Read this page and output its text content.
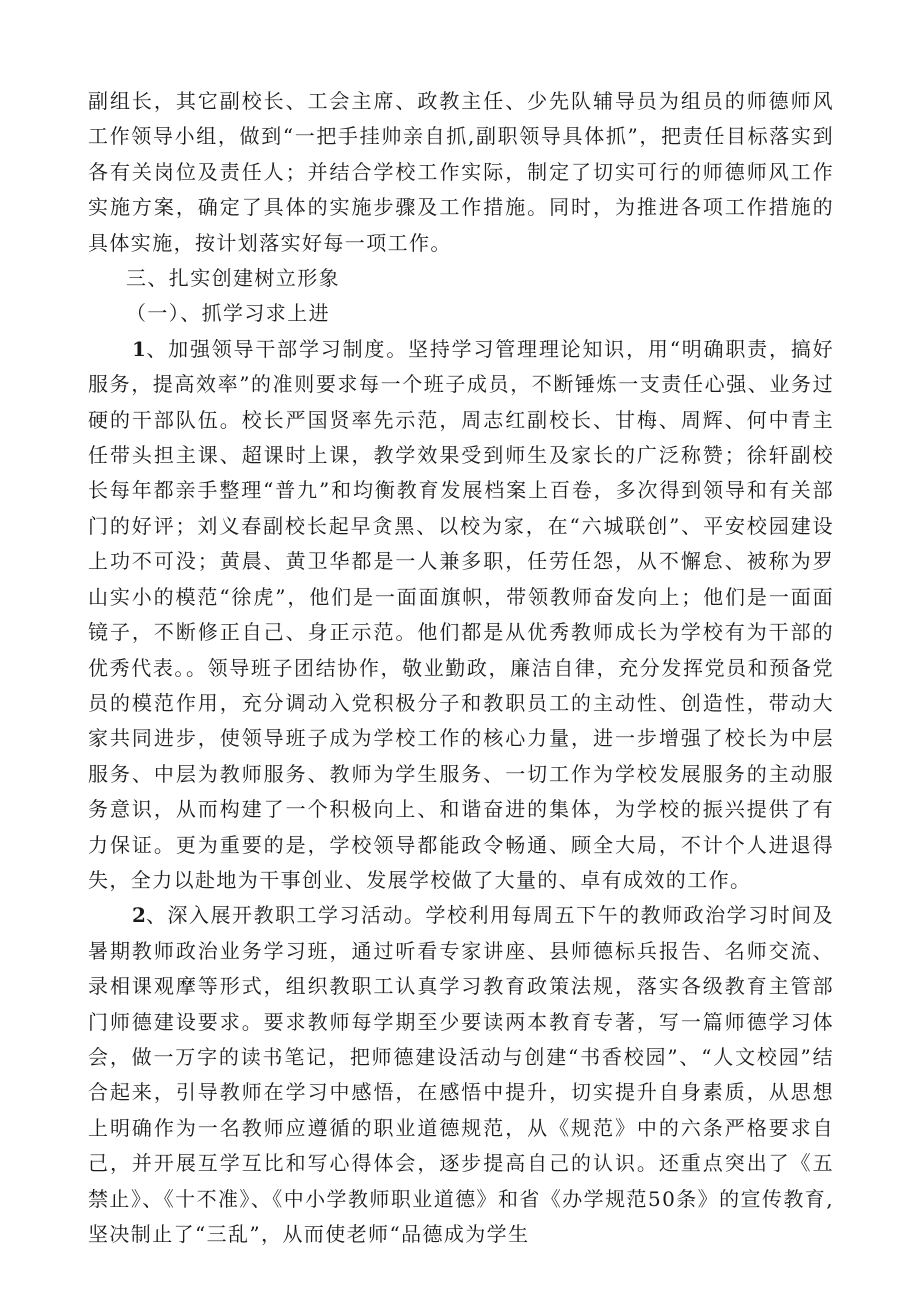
副组长，其它副校长、工会主席、政教主任、少先队辅导员为组员的师德师风工作领导小组，做到“一把手挂帅亲自抓,副职领导具体抓”，把责任目标落实到各有关岗位及责任人；并结合学校工作实际，制定了切实可行的师德师风工作实施方案，确定了具体的实施步骤及工作措施。同时，为推进各项工作措施的具体实施，按计划落实好每一项工作。

三、扎实创建树立形象

（一）、抓学习求上进

1、加强领导干部学习制度。坚持学习管理理论知识，用“明确职责，搞好服务，提高效率”的准则要求每一个班子成员，不断锤炼一支责任心强、业务过硬的干部队伍。校长严国贤率先示范，周志红副校长、甘梅、周辉、何中青主任带头担主课、超课时上课，教学效果受到师生及家长的广泛称赞；徐轩副校长每年都亲手整理“普九”和均衡教育发展档案上百卷，多次得到领导和有关部门的好评；刘义春副校长起早贪黑、以校为家，在“六城联创”、平安校园建设上功不可没；黄晨、黄卫华都是一人兼多职，任劳任怨，从不懈怠、被称为罗山实小的模范“徐虎”，他们是一面面旗帜，带领教师奋发向上；他们是一面面镜子，不断修正自己、身正示范。他们都是从优秀教师成长为学校有为干部的优秀代表。。领导班子团结协作，敬业勤政，廉洁自律，充分发挥党员和预备党员的模范作用，充分调动入党积极分子和教职员工的主动性、创造性，带动大家共同进步，使领导班子成为学校工作的核心力量，进一步增强了校长为中层服务、中层为教师服务、教师为学生服务、一切工作为学校发展服务的主动服务意识，从而构建了一个积极向上、和谐奋进的集体，为学校的振兴提供了有力保证。更为重要的是，学校领导都能政令畅通、顾全大局，不计个人进退得失，全力以赴地为干事创业、发展学校做了大量的、卓有成效的工作。

2、深入展开教职工学习活动。学校利用每周五下午的教师政治学习时间及暑期教师政治业务学习班，通过听看专家讲座、县师德标兵报告、名师交流、录相课观摩等形式，组织教职工认真学习教育政策法规，落实各级教育主管部门师德建设要求。要求教师每学期至少要读两本教育专著，写一篇师德学习体会，做一万字的读书笔记，把师德建设活动与创建“书香校园”、“人文校园”结合起来，引导教师在学习中感悟，在感悟中提升，切实提升自身素质，从思想上明确作为一名教师应遵循的职业道德规范，从《规范》中的六条严格要求自己，并开展互学互比和写心得体会，逐步提高自己的认识。还重点突出了《五禁止》、《十不准》、《中小学教师职业道德》和省《办学规范50条》的宣传教育,坚决制止了“三乱”，从而使老师“品德成为学生
